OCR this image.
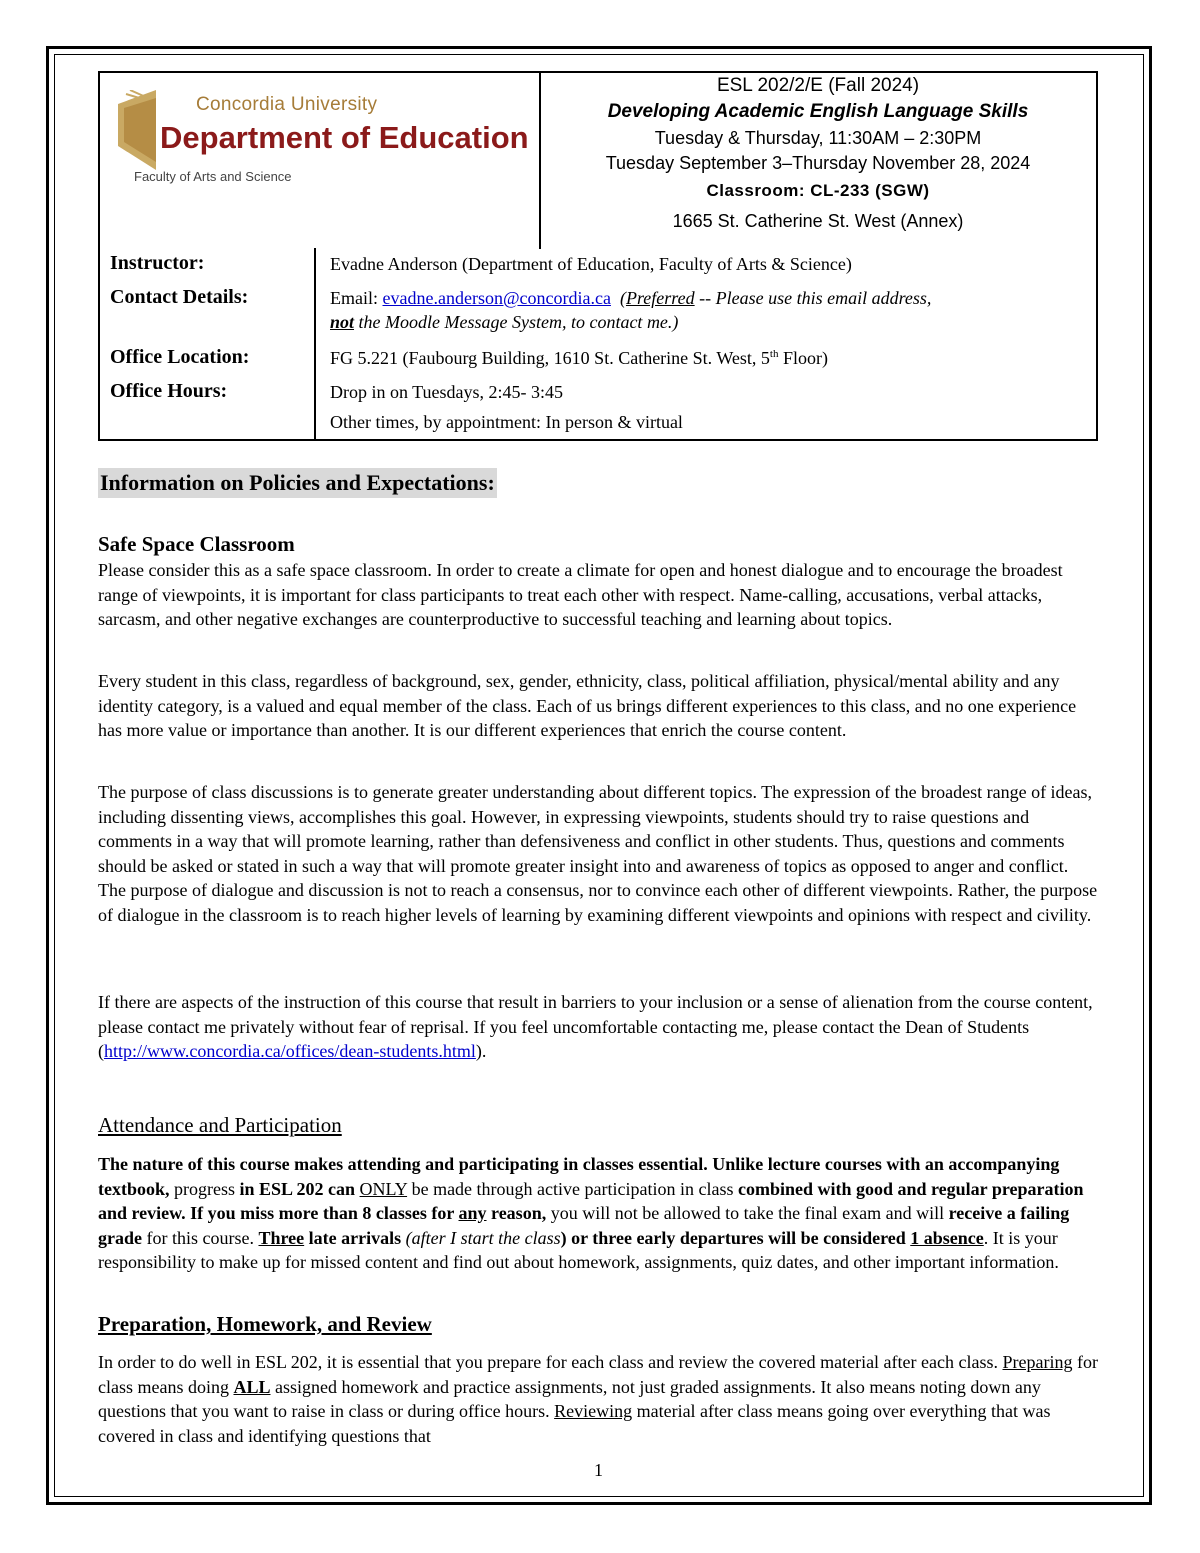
Concordia University
Department of Education
Faculty of Arts and Science
ESL 202/2/E (Fall 2024)
Developing Academic English Language Skills
Tuesday & Thursday, 11:30AM – 2:30PM
Tuesday September 3–Thursday November 28, 2024
Classroom: CL-233 (SGW)
1665 St. Catherine St. West (Annex)
Instructor:	Evadne Anderson (Department of Education, Faculty of Arts & Science)
Contact Details:	Email: evadne.anderson@concordia.ca (Preferred -- Please use this email address,
not the Moodle Message System, to contact me.)
Office Location:	FG 5.221 (Faubourg Building, 1610 St. Catherine St. West, 5th Floor)
Office Hours:	Drop in on Tuesdays, 2:45- 3:45
Other times, by appointment: In person & virtual
Information on Policies and Expectations:
Safe Space Classroom
Please consider this as a safe space classroom. In order to create a climate for open and honest dialogue and to encourage the broadest range of viewpoints, it is important for class participants to treat each other with respect. Name-calling, accusations, verbal attacks, sarcasm, and other negative exchanges are counterproductive to successful teaching and learning about topics.
Every student in this class, regardless of background, sex, gender, ethnicity, class, political affiliation, physical/mental ability and any identity category, is a valued and equal member of the class. Each of us brings different experiences to this class, and no one experience has more value or importance than another. It is our different experiences that enrich the course content.
The purpose of class discussions is to generate greater understanding about different topics. The expression of the broadest range of ideas, including dissenting views, accomplishes this goal. However, in expressing viewpoints, students should try to raise questions and comments in a way that will promote learning, rather than defensiveness and conflict in other students. Thus, questions and comments should be asked or stated in such a way that will promote greater insight into and awareness of topics as opposed to anger and conflict. The purpose of dialogue and discussion is not to reach a consensus, nor to convince each other of different viewpoints. Rather, the purpose of dialogue in the classroom is to reach higher levels of learning by examining different viewpoints and opinions with respect and civility.
If there are aspects of the instruction of this course that result in barriers to your inclusion or a sense of alienation from the course content, please contact me privately without fear of reprisal. If you feel uncomfortable contacting me, please contact the Dean of Students (http://www.concordia.ca/offices/dean-students.html).
Attendance and Participation
The nature of this course makes attending and participating in classes essential. Unlike lecture courses with an accompanying textbook, progress in ESL 202 can ONLY be made through active participation in class combined with good and regular preparation and review. If you miss more than 8 classes for any reason, you will not be allowed to take the final exam and will receive a failing grade for this course. Three late arrivals (after I start the class) or three early departures will be considered 1 absence. It is your responsibility to make up for missed content and find out about homework, assignments, quiz dates, and other important information.
Preparation, Homework, and Review
In order to do well in ESL 202, it is essential that you prepare for each class and review the covered material after each class. Preparing for class means doing ALL assigned homework and practice assignments, not just graded assignments. It also means noting down any questions that you want to raise in class or during office hours. Reviewing material after class means going over everything that was covered in class and identifying questions that
1
